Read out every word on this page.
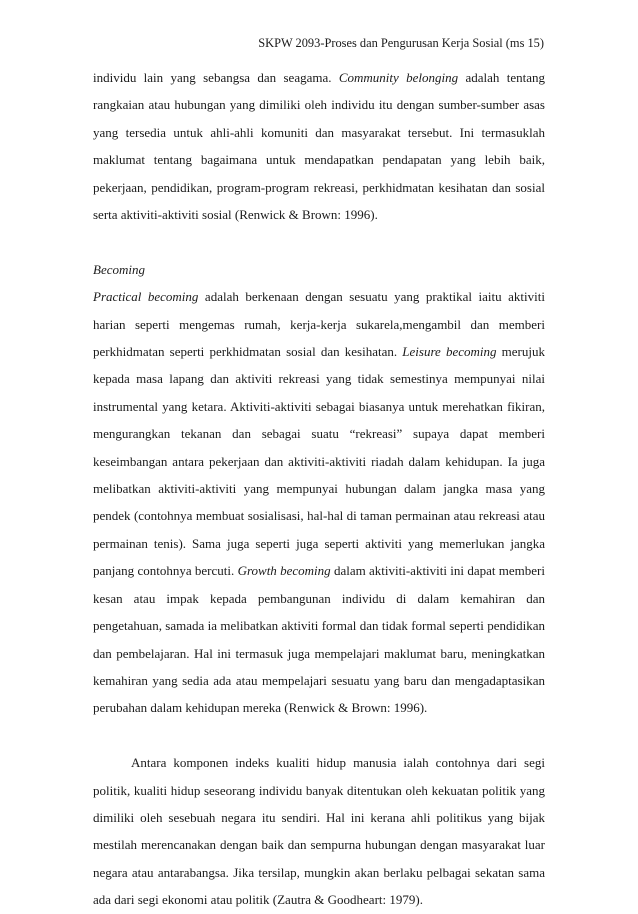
SKPW 2093-Proses dan Pengurusan Kerja Sosial (ms 15)

individu lain yang sebangsa dan seagama. Community belonging adalah tentang rangkaian atau hubungan yang dimiliki oleh individu itu dengan sumber-sumber asas yang tersedia untuk ahli-ahli komuniti dan masyarakat tersebut. Ini termasuklah maklumat tentang bagaimana untuk mendapatkan pendapatan yang lebih baik, pekerjaan, pendidikan, program-program rekreasi, perkhidmatan kesihatan dan sosial serta aktiviti-aktiviti sosial (Renwick & Brown: 1996).

Becoming

Practical becoming adalah berkenaan dengan sesuatu yang praktikal iaitu aktiviti harian seperti mengemas rumah, kerja-kerja sukarela,mengambil dan memberi perkhidmatan seperti perkhidmatan sosial dan kesihatan. Leisure becoming merujuk kepada masa lapang dan aktiviti rekreasi yang tidak semestinya mempunyai nilai instrumental yang ketara. Aktiviti-aktiviti sebagai biasanya untuk merehatkan fikiran, mengurangkan tekanan dan sebagai suatu “rekreasi” supaya dapat memberi keseimbangan antara pekerjaan dan aktiviti-aktiviti riadah dalam kehidupan. Ia juga melibatkan aktiviti-aktiviti yang mempunyai hubungan dalam jangka masa yang pendek (contohnya membuat sosialisasi, hal-hal di taman permainan atau rekreasi atau permainan tenis). Sama juga seperti juga seperti aktiviti yang memerlukan jangka panjang contohnya bercuti. Growth becoming dalam aktiviti-aktiviti ini dapat memberi kesan atau impak kepada pembangunan individu di dalam kemahiran dan pengetahuan, samada ia melibatkan aktiviti formal dan tidak formal seperti pendidikan dan pembelajaran. Hal ini termasuk juga mempelajari maklumat baru, meningkatkan kemahiran yang sedia ada atau mempelajari sesuatu yang baru dan mengadaptasikan perubahan dalam kehidupan mereka (Renwick & Brown: 1996).

Antara komponen indeks kualiti hidup manusia ialah contohnya dari segi politik, kualiti hidup seseorang individu banyak ditentukan oleh kekuatan politik yang dimiliki oleh sesebuah negara itu sendiri. Hal ini kerana ahli politikus yang bijak mestilah merencanakan dengan baik dan sempurna hubungan dengan masyarakat luar negara atau antarabangsa. Jika tersilap, mungkin akan berlaku pelbagai sekatan sama ada dari segi ekonomi atau politik (Zautra & Goodheart: 1979).
